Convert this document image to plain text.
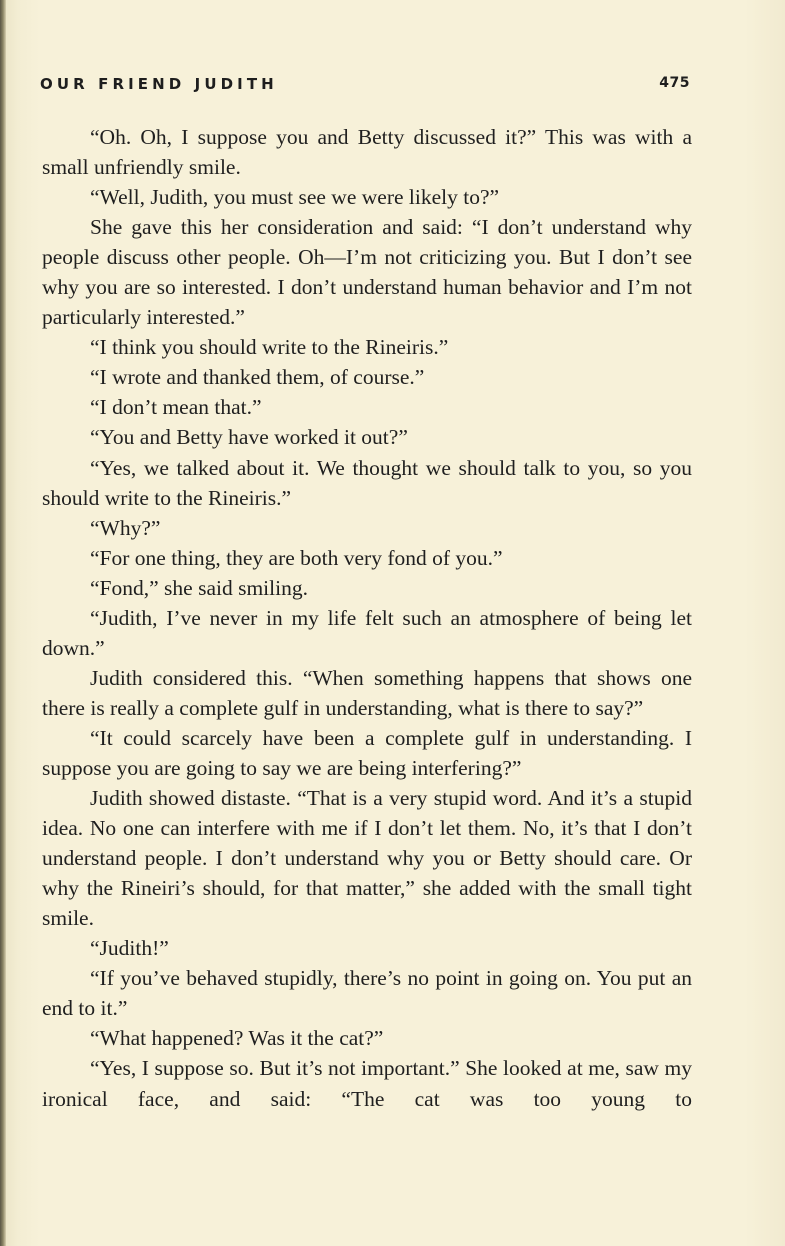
OUR FRIEND JUDITH	475

“Oh. Oh, I suppose you and Betty discussed it?” This was with a small unfriendly smile.

“Well, Judith, you must see we were likely to?”

She gave this her consideration and said: “I don’t understand why people discuss other people. Oh—I’m not criticizing you. But I don’t see why you are so interested. I don’t understand human behavior and I’m not particularly interested.”

“I think you should write to the Rineiris.”

“I wrote and thanked them, of course.”

“I don’t mean that.”

“You and Betty have worked it out?”

“Yes, we talked about it. We thought we should talk to you, so you should write to the Rineiris.”

“Why?”

“For one thing, they are both very fond of you.”

“Fond,” she said smiling.

“Judith, I’ve never in my life felt such an atmosphere of being let down.”

Judith considered this. “When something happens that shows one there is really a complete gulf in understanding, what is there to say?”

“It could scarcely have been a complete gulf in understanding. I suppose you are going to say we are being interfering?”

Judith showed distaste. “That is a very stupid word. And it’s a stupid idea. No one can interfere with me if I don’t let them. No, it’s that I don’t understand people. I don’t understand why you or Betty should care. Or why the Rineiri’s should, for that matter,” she added with the small tight smile.

“Judith!”

“If you’ve behaved stupidly, there’s no point in going on. You put an end to it.”

“What happened? Was it the cat?”

“Yes, I suppose so. But it’s not important.” She looked at me, saw my ironical face, and said: “The cat was too young to
